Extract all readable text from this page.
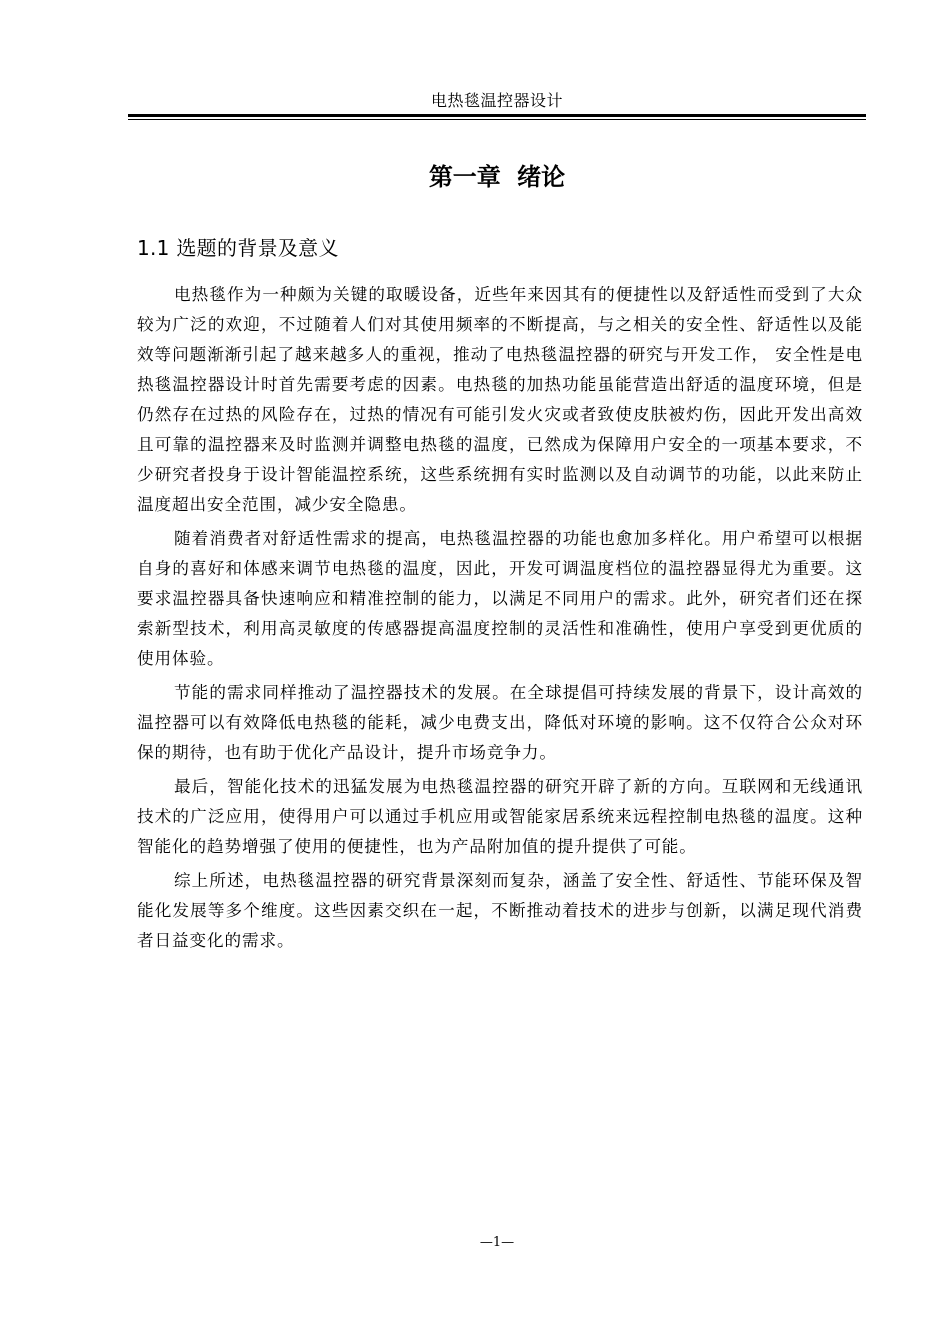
电热毯温控器设计
第一章 绪论
1.1 选题的背景及意义

电热毯作为一种颇为关键的取暖设备，近些年来因其有的便捷性以及舒适性而受到了大众较为广泛的欢迎，不过随着人们对其使用频率的不断提高，与之相关的安全性、舒适性以及能效等问题渐渐引起了越来越多人的重视，推动了电热毯温控器的研究与开发工作， 安全性是电热毯温控器设计时首先需要考虑的因素。电热毯的加热功能虽能营造出舒适的温度环境，但是仍然存在过热的风险存在，过热的情况有可能引发火灾或者致使皮肤被灼伤，因此开发出高效且可靠的温控器来及时监测并调整电热毯的温度，已然成为保障用户安全的一项基本要求，不少研究者投身于设计智能温控系统，这些系统拥有实时监测以及自动调节的功能，以此来防止温度超出安全范围，减少安全隐患。

随着消费者对舒适性需求的提高，电热毯温控器的功能也愈加多样化。用户希望可以根据自身的喜好和体感来调节电热毯的温度，因此，开发可调温度档位的温控器显得尤为重要。这要求温控器具备快速响应和精准控制的能力，以满足不同用户的需求。此外，研究者们还在探索新型技术，利用高灵敏度的传感器提高温度控制的灵活性和准确性，使用户享受到更优质的使用体验。

节能的需求同样推动了温控器技术的发展。在全球提倡可持续发展的背景下，设计高效的温控器可以有效降低电热毯的能耗，减少电费支出，降低对环境的影响。这不仅符合公众对环保的期待，也有助于优化产品设计，提升市场竞争力。

最后，智能化技术的迅猛发展为电热毯温控器的研究开辟了新的方向。互联网和无线通讯技术的广泛应用，使得用户可以通过手机应用或智能家居系统来远程控制电热毯的温度。这种智能化的趋势增强了使用的便捷性，也为产品附加值的提升提供了可能。

综上所述，电热毯温控器的研究背景深刻而复杂，涵盖了安全性、舒适性、节能环保及智能化发展等多个维度。这些因素交织在一起，不断推动着技术的进步与创新，以满足现代消费者日益变化的需求。

—1—
